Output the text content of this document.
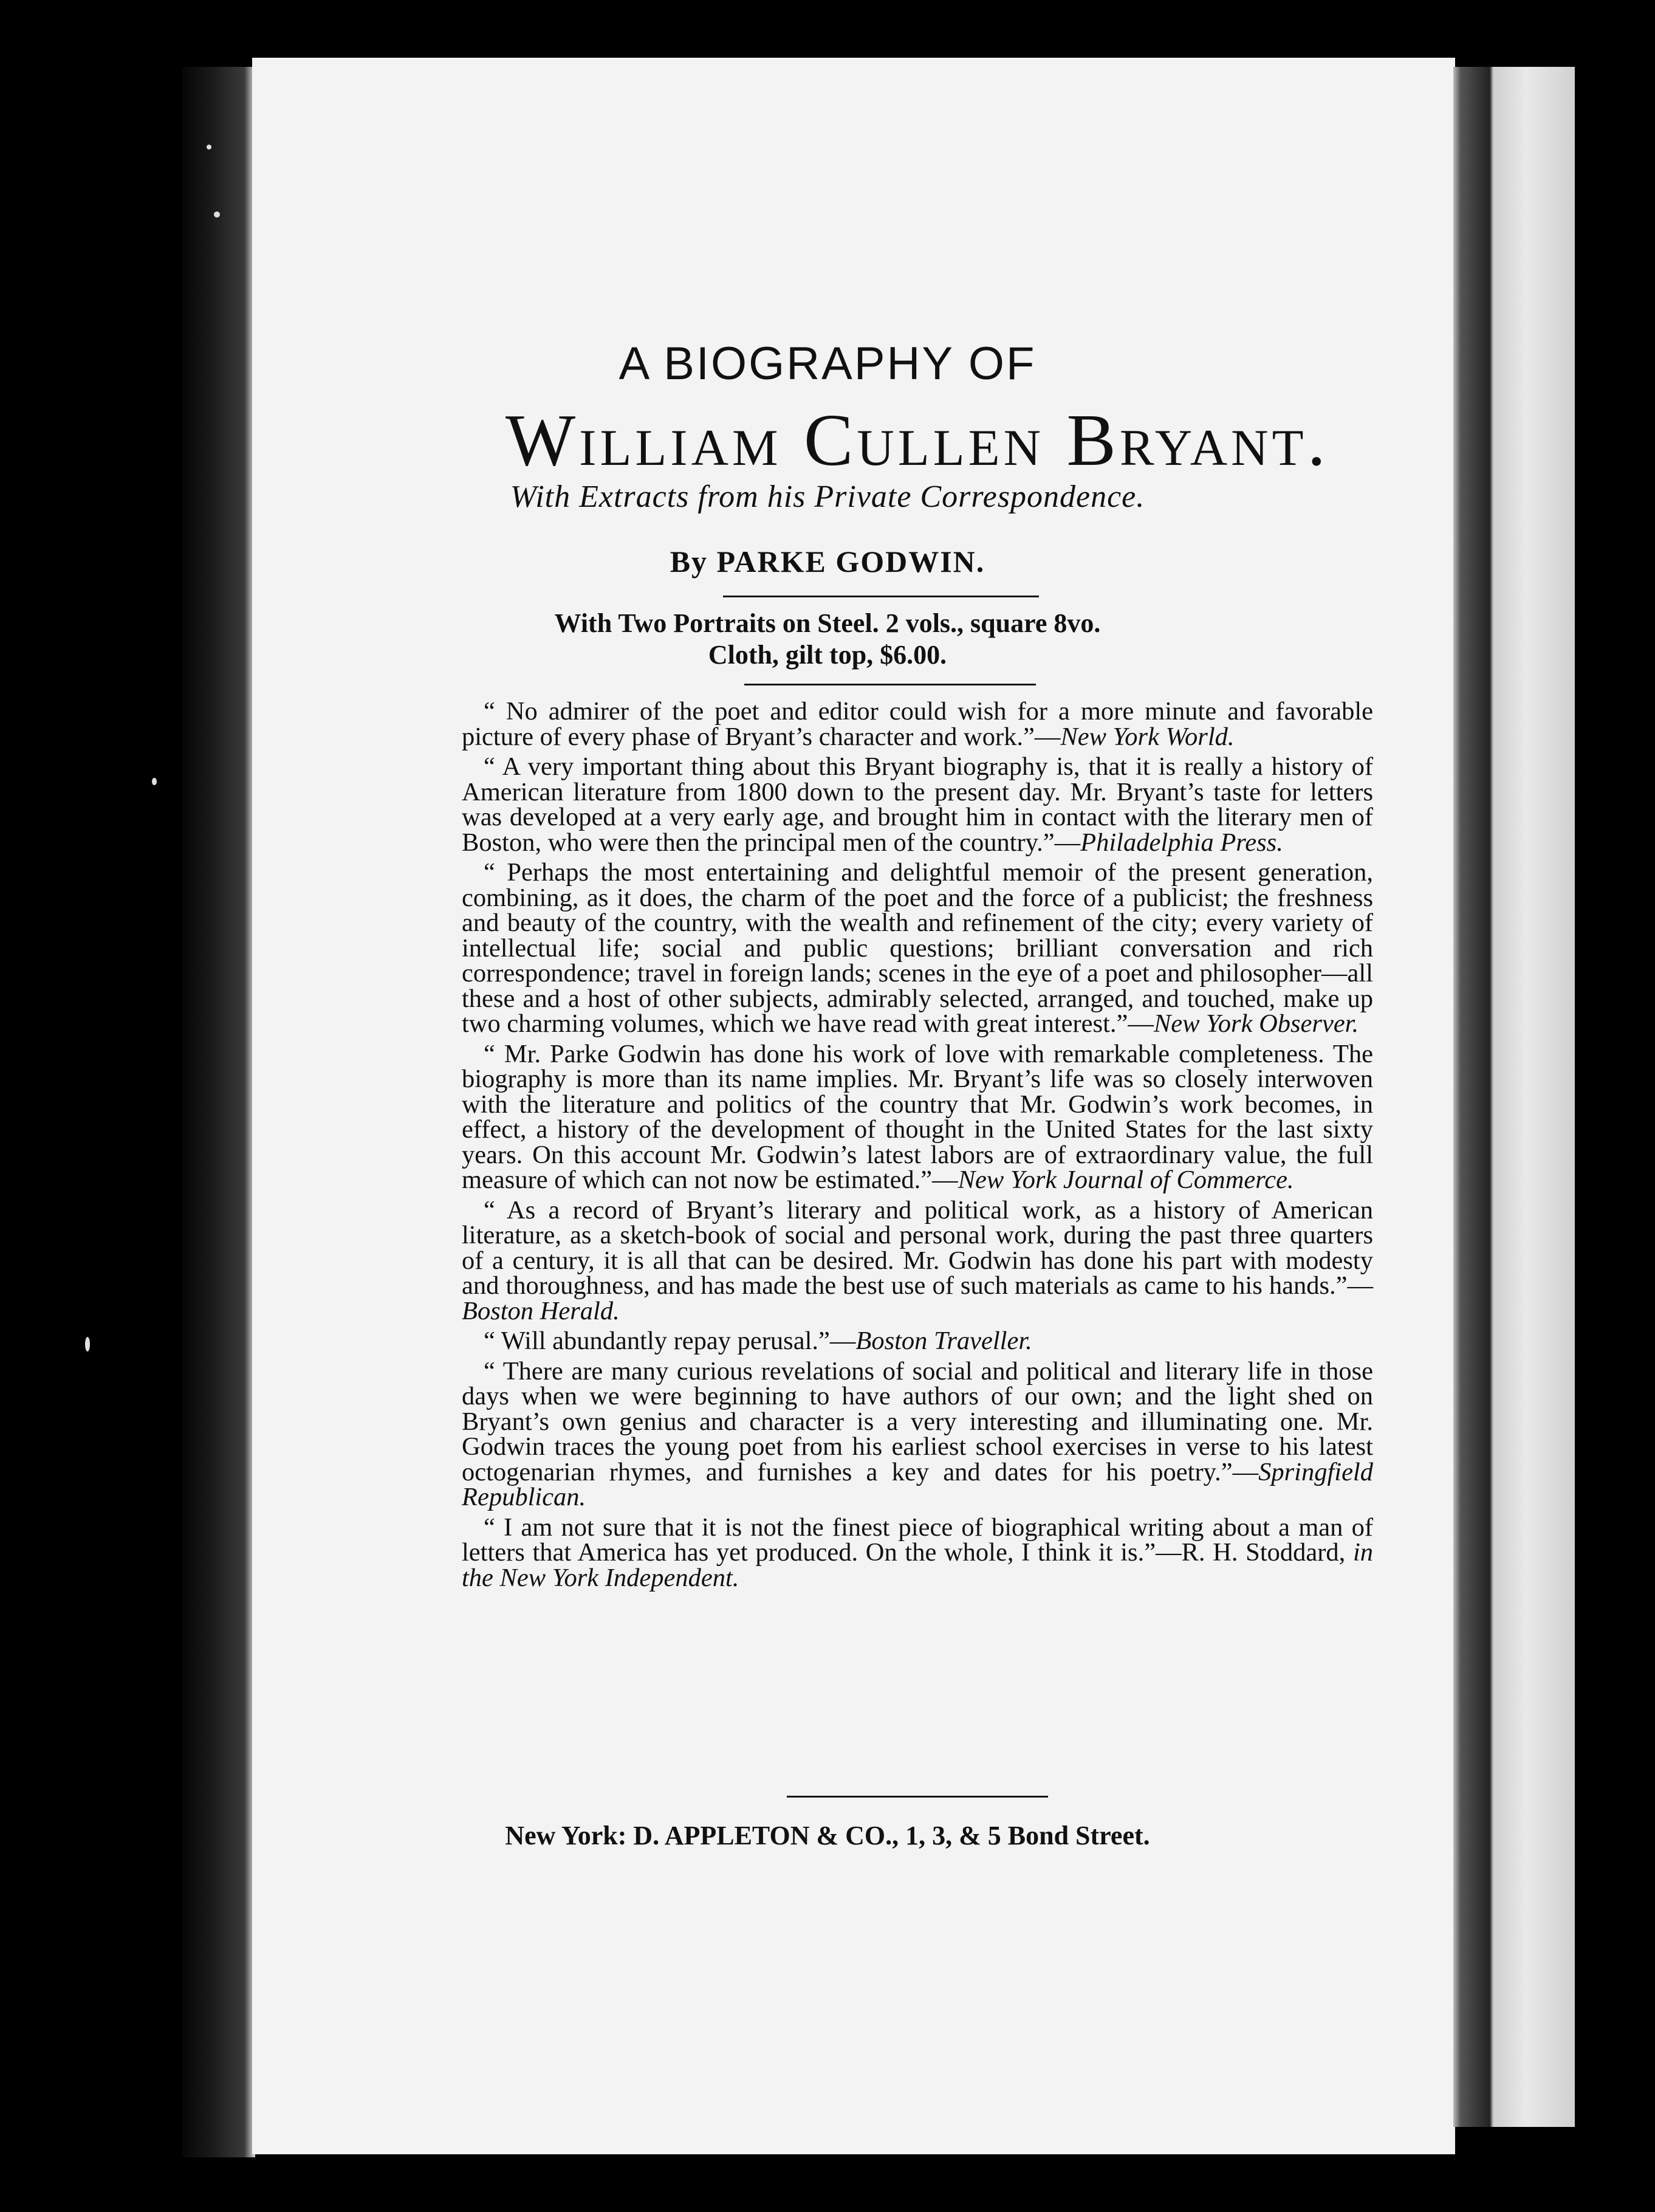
A BIOGRAPHY OF
William Cullen Bryant.
With Extracts from his Private Correspondence.
By PARKE GODWIN.
With Two Portraits on Steel. 2 vols., square 8vo.
Cloth, gilt top, $6.00.

“ No admirer of the poet and editor could wish for a more minute and favorable picture of every phase of Bryant’s character and work.”—New York World.

“ A very important thing about this Bryant biography is, that it is really a history of American literature from 1800 down to the present day. Mr. Bryant’s taste for letters was developed at a very early age, and brought him in contact with the literary men of Boston, who were then the principal men of the country.”—Philadelphia Press.

“ Perhaps the most entertaining and delightful memoir of the present generation, combining, as it does, the charm of the poet and the force of a publicist; the freshness and beauty of the country, with the wealth and refinement of the city; every variety of intellectual life; social and public questions; brilliant conversation and rich correspondence; travel in foreign lands; scenes in the eye of a poet and philosopher—all these and a host of other subjects, admirably selected, arranged, and touched, make up two charming volumes, which we have read with great interest.”—New York Observer.

“ Mr. Parke Godwin has done his work of love with remarkable completeness. The biography is more than its name implies. Mr. Bryant’s life was so closely interwoven with the literature and politics of the country that Mr. Godwin’s work becomes, in effect, a history of the development of thought in the United States for the last sixty years. On this account Mr. Godwin’s latest labors are of extraordinary value, the full measure of which can not now be estimated.”—New York Journal of Commerce.

“ As a record of Bryant’s literary and political work, as a history of American literature, as a sketch-book of social and personal work, during the past three quarters of a century, it is all that can be desired. Mr. Godwin has done his part with modesty and thoroughness, and has made the best use of such materials as came to his hands.”—Boston Herald.

“ Will abundantly repay perusal.”—Boston Traveller.

“ There are many curious revelations of social and political and literary life in those days when we were beginning to have authors of our own; and the light shed on Bryant’s own genius and character is a very interesting and illuminating one. Mr. Godwin traces the young poet from his earliest school exercises in verse to his latest octogenarian rhymes, and furnishes a key and dates for his poetry.”—Springfield Republican.

“ I am not sure that it is not the finest piece of biographical writing about a man of letters that America has yet produced. On the whole, I think it is.”—R. H. Stoddard, in the New York Independent.

New York: D. APPLETON & CO., 1, 3, & 5 Bond Street.
